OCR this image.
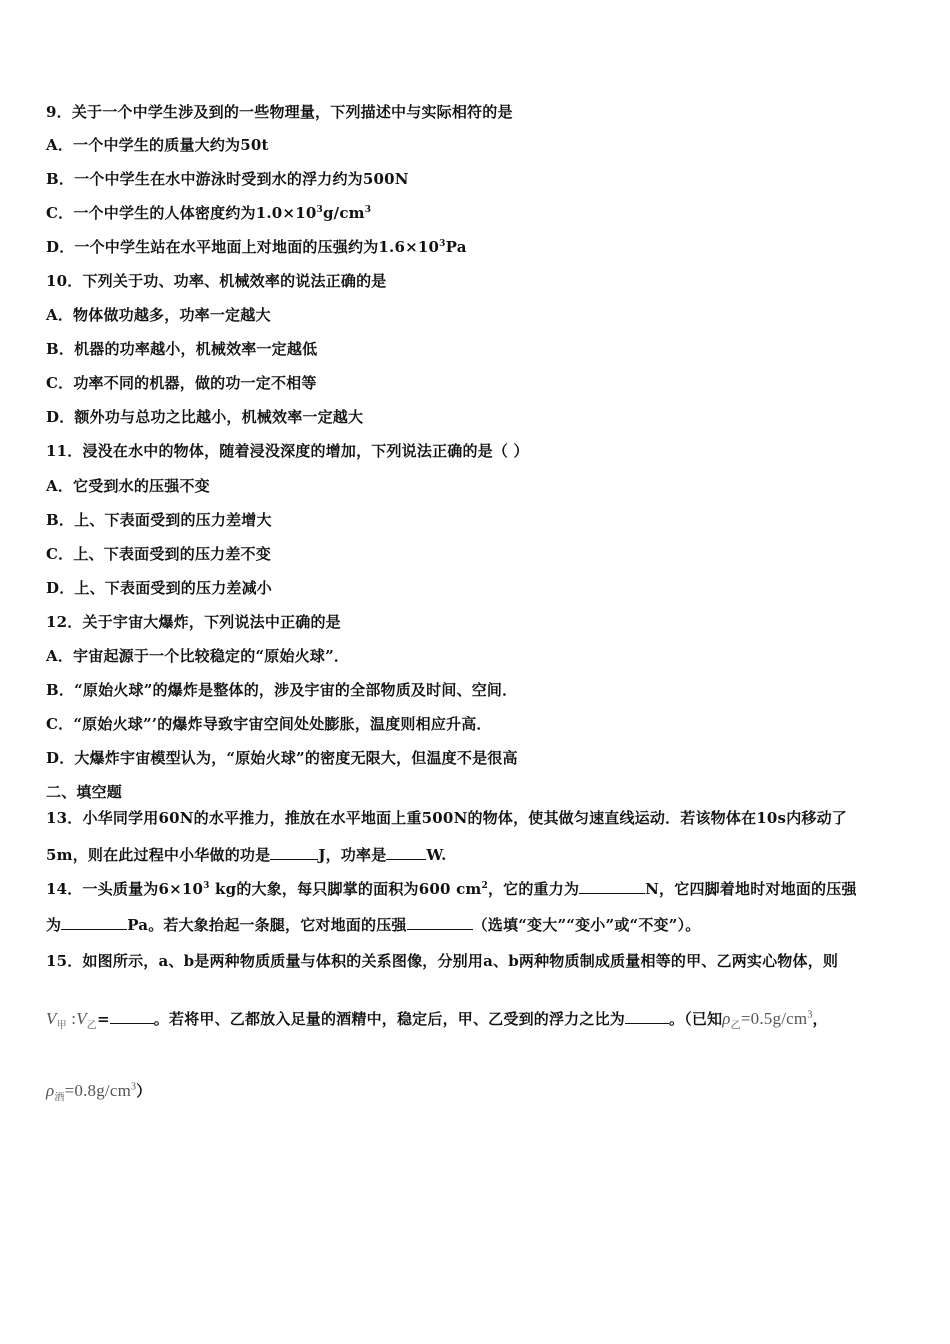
9．关于一个中学生涉及到的一些物理量，下列描述中与实际相符的是
A．一个中学生的质量大约为50t
B．一个中学生在水中游泳时受到水的浮力约为500N
C．一个中学生的人体密度约为$1.0\times 10^3g/cm^3$
D．一个中学生站在水平地面上对地面的压强约为$1.6\times 10^3Pa$
10．下列关于功、功率、机械效率的说法正确的是
A．物体做功越多，功率一定越大
B．机器的功率越小，机械效率一定越低
C．功率不同的机器，做的功一定不相等
D．额外功与总功之比越小，机械效率一定越大
11．浸没在水中的物体，随着浸没深度的增加，下列说法正确的是（ ）
A．它受到水的压强不变
B．上、下表面受到的压力差增大
C．上、下表面受到的压力差不变
D．上、下表面受到的压力差减小
12．关于宇宙大爆炸，下列说法中正确的是
A．宇宙起源于一个比较稳定的“原始火球”．
B．“原始火球”的爆炸是整体的，涉及宇宙的全部物质及时间、空间．
C．“原始火球”’的爆炸导致宇宙空间处处膨胀，温度则相应升高．
D．大爆炸宇宙模型认为，“原始火球”的密度无限大，但温度不是很高
二、填空题
13．小华同学用60N的水平推力，推放在水平地面上重500N的物体，使其做匀速直线运动．若该物体在10s内移动了
5m，则在此过程中小华做的功是	J，功率是	W.
14．一头质量为$6\times 10^3$ kg的大象，每只脚掌的面积为600 $cm^2$，它的重力为	N，它四脚着地时对地面的压强
为	Pa。若大象抬起一条腿，它对地面的压强	（选填“变大”“变小”或“不变”）。
15．如图所示，a、b是两种物质质量与体积的关系图像，分别用a、b两种物质制成质量相等的甲、乙两实心物体，则
$V_甲$ $:V_乙=$	。若将甲、乙都放入足量的酒精中，稳定后，甲、乙受到的浮力之比为	。（已知$\rho_乙=0.5g/cm^3$，
$\rho_酒=0.8g/cm^3$）
